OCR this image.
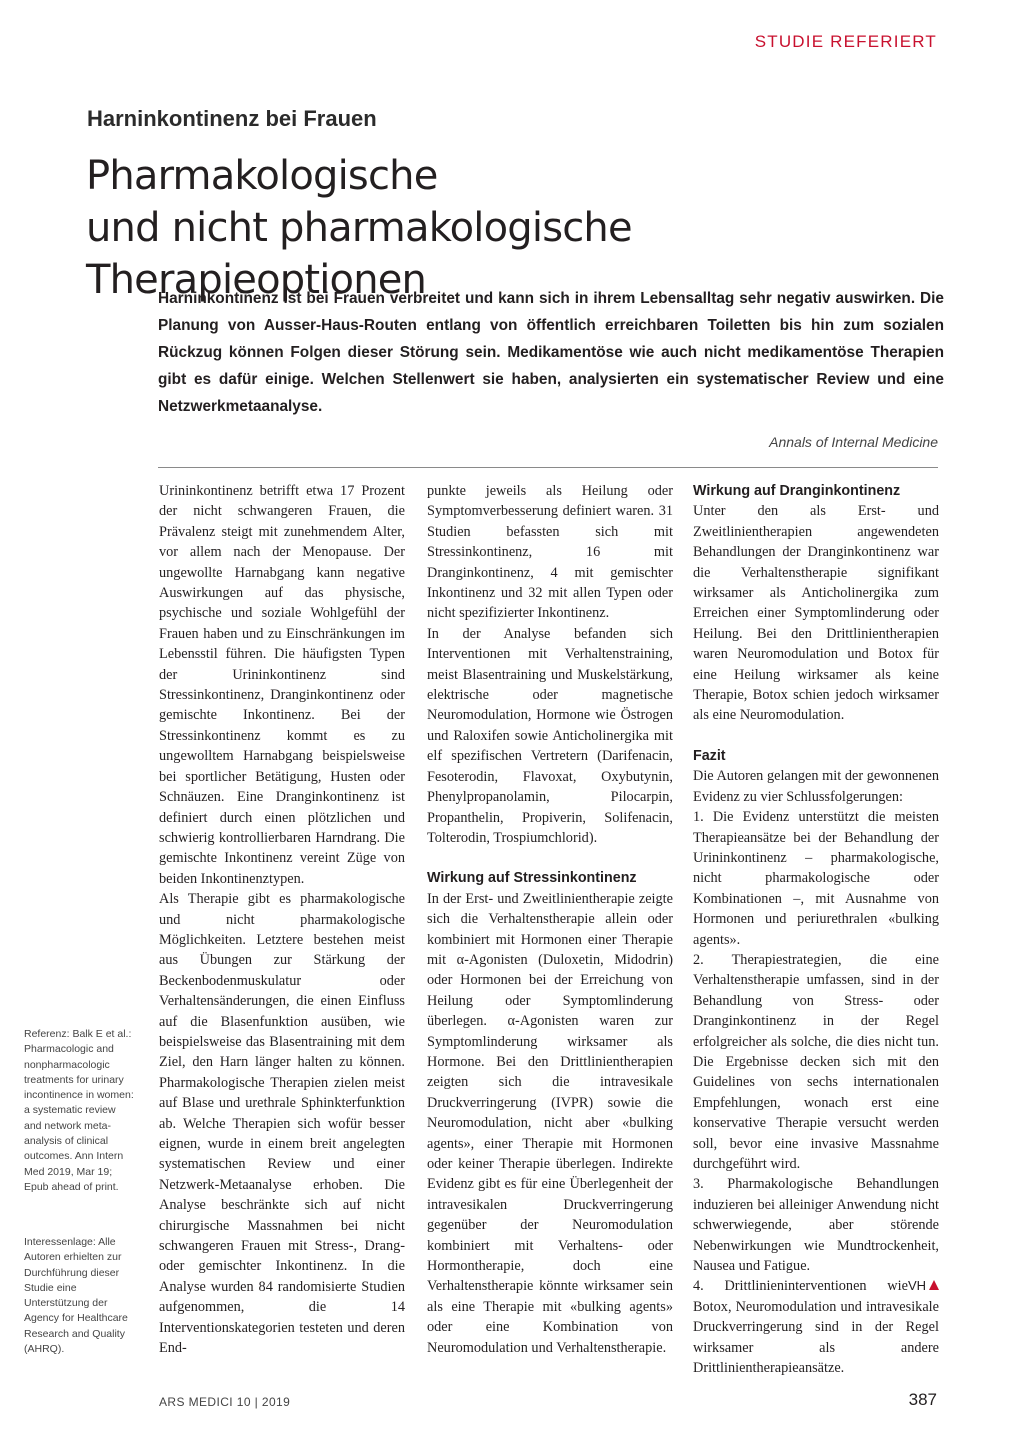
STUDIE REFERIERT
Harninkontinenz bei Frauen
Pharmakologische
und nicht pharmakologische Therapieoptionen

Harninkontinenz ist bei Frauen verbreitet und kann sich in ihrem Lebensalltag sehr negativ auswirken. Die Planung von Ausser-Haus-Routen entlang von öffentlich erreichbaren Toiletten bis hin zum sozialen Rückzug können Folgen dieser Störung sein. Medikamentöse wie auch nicht medikamentöse Therapien gibt es dafür einige. Welchen Stellenwert sie haben, analysierten ein systematischer Review und eine Netzwerkmetaanalyse.

Annals of Internal Medicine
Referenz: Balk E et al.: Pharmacologic and nonpharmacologic treatments for urinary incontinence in women: a systematic review and network meta-analysis of clinical outcomes. Ann Intern Med 2019, Mar 19; Epub ahead of print.
Interessenlage: Alle Autoren erhielten zur Durchführung dieser Studie eine Unterstützung der Agency for Healthcare Research and Quality (AHRQ).

Urininkontinenz betrifft etwa 17 Prozent der nicht schwangeren Frauen, die Prävalenz steigt mit zunehmendem Alter, vor allem nach der Menopause. Der ungewollte Harnabgang kann negative Auswirkungen auf das physische, psychische und soziale Wohlgefühl der Frauen haben und zu Einschränkungen im Lebensstil führen. Die häufigsten Typen der Urininkontinenz sind Stressinkontinenz, Dranginkontinenz oder gemischte Inkontinenz. Bei der Stressinkontinenz kommt es zu ungewolltem Harnabgang beispielsweise bei sportlicher Betätigung, Husten oder Schnäuzen. Eine Dranginkontinenz ist definiert durch einen plötzlichen und schwierig kontrollierbaren Harndrang. Die gemischte Inkontinenz vereint Züge von beiden Inkontinenztypen.

Als Therapie gibt es pharmakologische und nicht pharmakologische Möglichkeiten. Letztere bestehen meist aus Übungen zur Stärkung der Beckenbodenmuskulatur oder Verhaltensänderungen, die einen Einfluss auf die Blasenfunktion ausüben, wie beispielsweise das Blasentraining mit dem Ziel, den Harn länger halten zu können. Pharmakologische Therapien zielen meist auf Blase und urethrale Sphinkterfunktion ab. Welche Therapien sich wofür besser eignen, wurde in einem breit angelegten systematischen Review und einer Netzwerk-Metaanalyse erhoben. Die Analyse beschränkte sich auf nicht chirurgische Massnahmen bei nicht schwangeren Frauen mit Stress-, Drang- oder gemischter Inkontinenz. In die Analyse wurden 84 randomisierte Studien aufgenommen, die 14 Interventionskategorien testeten und deren End-

punkte jeweils als Heilung oder Symptomverbesserung definiert waren. 31 Studien befassten sich mit Stressinkontinenz, 16 mit Dranginkontinenz, 4 mit gemischter Inkontinenz und 32 mit allen Typen oder nicht spezifizierter Inkontinenz.

In der Analyse befanden sich Interventionen mit Verhaltenstraining, meist Blasentraining und Muskelstärkung, elektrische oder magnetische Neuromodulation, Hormone wie Östrogen und Raloxifen sowie Anticholinergika mit elf spezifischen Vertretern (Darifenacin, Fesoterodin, Flavoxat, Oxybutynin, Phenylpropanolamin, Pilocarpin, Propanthelin, Propiverin, Solifenacin, Tolterodin, Trospiumchlorid).

Wirkung auf Stressinkontinenz

In der Erst- und Zweitlinientherapie zeigte sich die Verhaltenstherapie allein oder kombiniert mit Hormonen einer Therapie mit α-Agonisten (Duloxetin, Midodrin) oder Hormonen bei der Erreichung von Heilung oder Symptomlinderung überlegen. α-Agonisten waren zur Symptomlinderung wirksamer als Hormone. Bei den Drittlinientherapien zeigten sich die intravesikale Druckverringerung (IVPR) sowie die Neuromodulation, nicht aber «bulking agents», einer Therapie mit Hormonen oder keiner Therapie überlegen. Indirekte Evidenz gibt es für eine Überlegenheit der intravesikalen Druckverringerung gegenüber der Neuromodulation kombiniert mit Verhaltens- oder Hormontherapie, doch eine Verhaltenstherapie könnte wirksamer sein als eine Therapie mit «bulking agents» oder eine Kombination von Neuromodulation und Verhaltenstherapie.

Wirkung auf Dranginkontinenz

Unter den als Erst- und Zweitlinientherapien angewendeten Behandlungen der Dranginkontinenz war die Verhaltenstherapie signifikant wirksamer als Anticholinergika zum Erreichen einer Symptomlinderung oder Heilung. Bei den Drittlinientherapien waren Neuromodulation und Botox für eine Heilung wirksamer als keine Therapie, Botox schien jedoch wirksamer als eine Neuromodulation.

Fazit

Die Autoren gelangen mit der gewonnenen Evidenz zu vier Schlussfolgerungen:

1. Die Evidenz unterstützt die meisten Therapieansätze bei der Behandlung der Urininkontinenz – pharmakologische, nicht pharmakologische oder Kombinationen –, mit Ausnahme von Hormonen und periurethralen «bulking agents».

2. Therapiestrategien, die eine Verhaltenstherapie umfassen, sind in der Behandlung von Stress- oder Dranginkontinenz in der Regel erfolgreicher als solche, die dies nicht tun. Die Ergebnisse decken sich mit den Guidelines von sechs internationalen Empfehlungen, wonach erst eine konservative Therapie versucht werden soll, bevor eine invasive Massnahme durchgeführt wird.

3. Pharmakologische Behandlungen induzieren bei alleiniger Anwendung nicht schwerwiegende, aber störende Nebenwirkungen wie Mundtrockenheit, Nausea und Fatigue.

VH
4. Drittlinieninterventionen wie Botox, Neuromodulation und intravesikale Druckverringerung sind in der Regel wirksamer als andere Drittlinientherapieansätze.

ARS MEDICI 10 | 2019	387
